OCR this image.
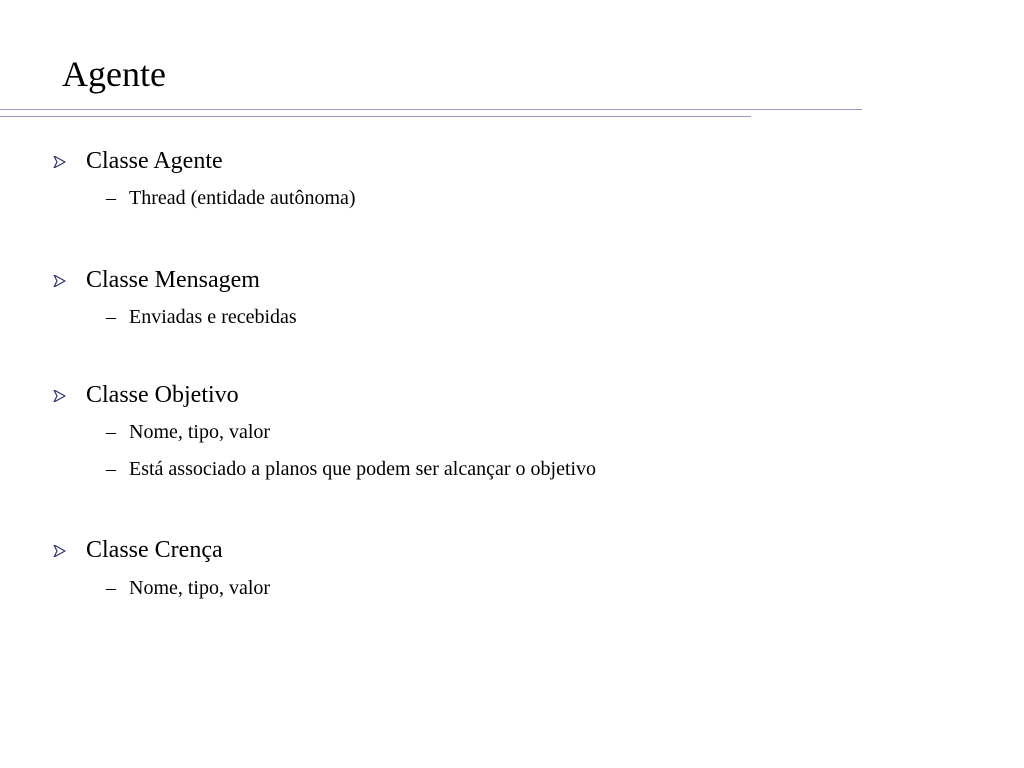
Agente
Classe Agente
– Thread (entidade autônoma)
Classe Mensagem
– Enviadas e recebidas
Classe Objetivo
– Nome, tipo, valor
– Está associado a planos que podem ser alcançar o objetivo
Classe Crença
– Nome, tipo, valor
